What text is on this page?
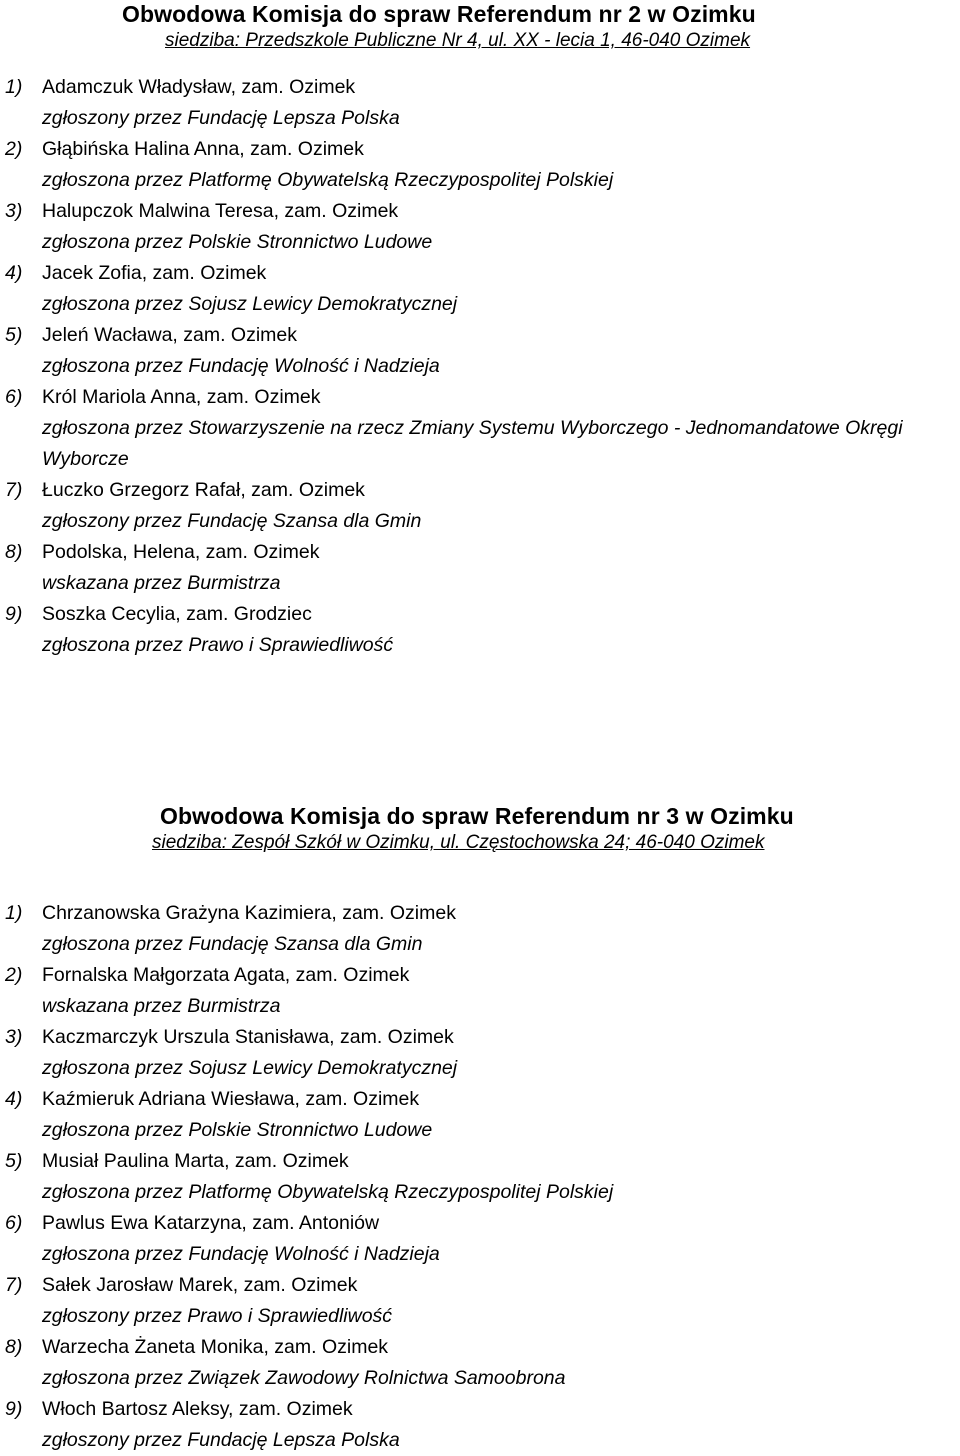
Obwodowa Komisja do spraw Referendum nr 2 w Ozimku

siedziba: Przedszkole Publiczne Nr 4, ul. XX - lecia 1, 46-040 Ozimek

1) Adamczuk Władysław, zam. Ozimek
zgłoszony przez Fundację Lepsza Polska
2) Głąbińska Halina Anna, zam. Ozimek
zgłoszona przez Platformę Obywatelską Rzeczypospolitej Polskiej
3) Halupczok Malwina Teresa, zam. Ozimek
zgłoszona przez Polskie Stronnictwo Ludowe
4) Jacek Zofia, zam. Ozimek
zgłoszona przez Sojusz Lewicy Demokratycznej
5) Jeleń Wacława, zam. Ozimek
zgłoszona przez Fundację Wolność i Nadzieja
6) Król Mariola Anna, zam. Ozimek
zgłoszona przez Stowarzyszenie na rzecz Zmiany Systemu Wyborczego - Jednomandatowe Okręgi Wyborcze
7) Łuczko Grzegorz Rafał, zam. Ozimek
zgłoszony przez Fundację Szansa dla Gmin
8) Podolska, Helena, zam. Ozimek
wskazana przez Burmistrza
9) Soszka Cecylia, zam. Grodziec
zgłoszona przez Prawo i Sprawiedliwość
Obwodowa Komisja do spraw Referendum nr 3 w Ozimku

siedziba: Zespół Szkół w Ozimku, ul. Częstochowska 24; 46-040 Ozimek

1) Chrzanowska Grażyna Kazimiera, zam. Ozimek
zgłoszona przez Fundację Szansa dla Gmin
2) Fornalska Małgorzata Agata, zam. Ozimek
wskazana przez Burmistrza
3) Kaczmarczyk Urszula Stanisława, zam. Ozimek
zgłoszona przez Sojusz Lewicy Demokratycznej
4) Kaźmieruk Adriana Wiesława, zam. Ozimek
zgłoszona przez Polskie Stronnictwo Ludowe
5) Musiał Paulina Marta, zam. Ozimek
zgłoszona przez Platformę Obywatelską Rzeczypospolitej Polskiej
6) Pawlus Ewa Katarzyna, zam. Antoniów
zgłoszona przez Fundację Wolność i Nadzieja
7) Sałek Jarosław Marek, zam. Ozimek
zgłoszony przez Prawo i Sprawiedliwość
8) Warzecha Żaneta Monika, zam. Ozimek
zgłoszona przez Związek Zawodowy Rolnictwa Samoobrona
9) Włoch Bartosz Aleksy, zam. Ozimek
zgłoszony przez Fundację Lepsza Polska
